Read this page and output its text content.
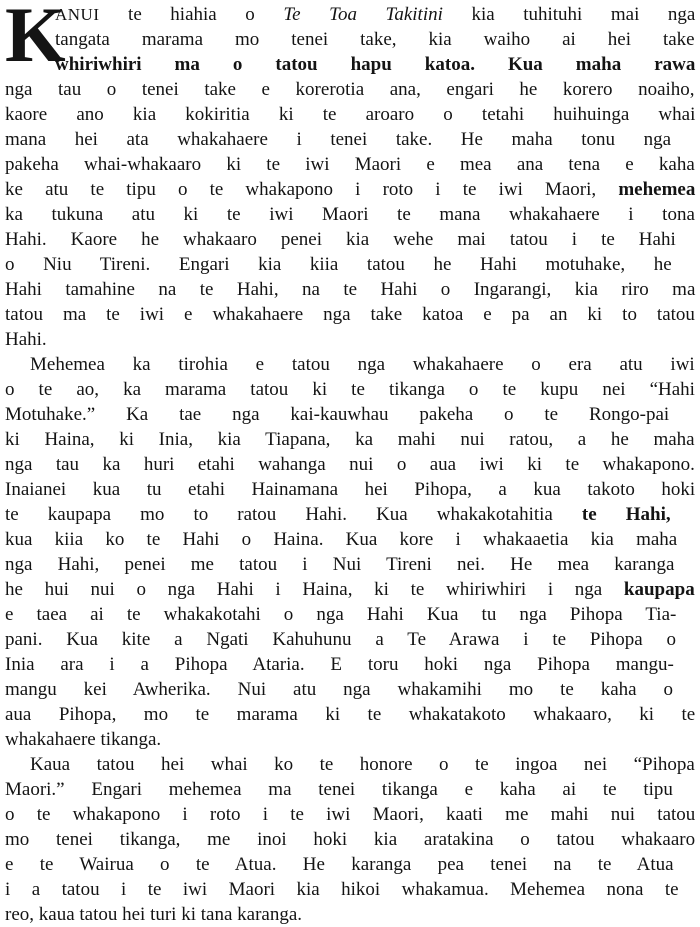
K
ANUI te hiahia o Te Toa Takitini kia tuhituhi mai nga
tangata marama mo tenei take, kia waiho ai hei take
whiriwhiri ma o tatou hapu katoa. Kua maha rawa
nga tau o tenei take e korerotia ana, engari he korero noaiho,
kaore ano kia kokiritia ki te aroaro o tetahi huihuinga whai
mana hei ata whakahaere i tenei take. He maha tonu nga
pakeha whai-whakaaro ki te iwi Maori e mea ana tena e kaha
ke atu te tipu o te whakapono i roto i te iwi Maori, mehemea
ka tukuna atu ki te iwi Maori te mana whakahaere i tona
Hahi. Kaore he whakaaro penei kia wehe mai tatou i te Hahi
o Niu Tireni. Engari kia kiia tatou he Hahi motuhake, he
Hahi tamahine na te Hahi, na te Hahi o Ingarangi, kia riro ma
tatou ma te iwi e whakahaere nga take katoa e pa an ki to tatou
Hahi.
Mehemea ka tirohia e tatou nga whakahaere o era atu iwi
o te ao, ka marama tatou ki te tikanga o te kupu nei “Hahi
Motuhake.” Ka tae nga kai-kauwhau pakeha o te Rongo-pai
ki Haina, ki Inia, kia Tiapana, ka mahi nui ratou, a he maha
nga tau ka huri etahi wahanga nui o aua iwi ki te whakapono.
Inaianei kua tu etahi Hainamana hei Pihopa, a kua takoto hoki
te kaupapa mo to ratou Hahi. Kua whakakotahitia te Hahi,
kua kiia ko te Hahi o Haina. Kua kore i whakaaetia kia maha
nga Hahi, penei me tatou i Nui Tireni nei. He mea karanga
he hui nui o nga Hahi i Haina, ki te whiriwhiri i nga kaupapa
e taea ai te whakakotahi o nga Hahi Kua tu nga Pihopa Tia-
pani. Kua kite a Ngati Kahuhunu a Te Arawa i te Pihopa o
Inia ara i a Pihopa Ataria. E toru hoki nga Pihopa mangu-
mangu kei Awherika. Nui atu nga whakamihi mo te kaha o
aua Pihopa, mo te marama ki te whakatakoto whakaaro, ki te
whakahaere tikanga.
Kaua tatou hei whai ko te honore o te ingoa nei “Pihopa
Maori.” Engari mehemea ma tenei tikanga e kaha ai te tipu
o te whakapono i roto i te iwi Maori, kaati me mahi nui tatou
mo tenei tikanga, me inoi hoki kia aratakina o tatou whakaaro
e te Wairua o te Atua. He karanga pea tenei na te Atua
i a tatou i te iwi Maori kia hikoi whakamua. Mehemea nona te
reo, kaua tatou hei turi ki tana karanga.
